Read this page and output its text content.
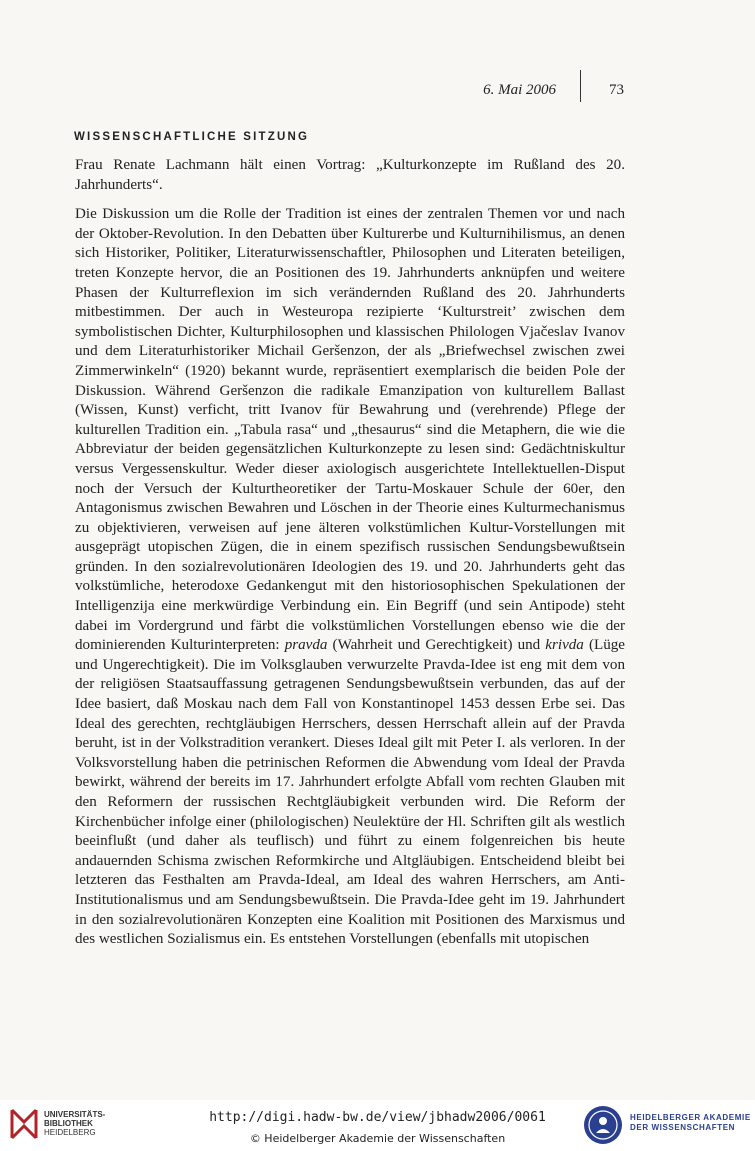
6. Mai 2006	73
WISSENSCHAFTLICHE SITZUNG

Frau Renate Lachmann hält einen Vortrag: „Kulturkonzepte im Rußland des 20. Jahrhunderts“.

Die Diskussion um die Rolle der Tradition ist eines der zentralen Themen vor und nach der Oktober-Revolution. In den Debatten über Kulturerbe und Kulturnihilismus, an denen sich Historiker, Politiker, Literaturwissenschaftler, Philosophen und Literaten beteiligen, treten Konzepte hervor, die an Positionen des 19. Jahrhunderts anknüpfen und weitere Phasen der Kulturreflexion im sich verändernden Rußland des 20. Jahrhunderts mitbestimmen. Der auch in Westeuropa rezipierte ‘Kulturstreit’ zwischen dem symbolistischen Dichter, Kulturphilosophen und klassischen Philologen Vjačeslav Ivanov und dem Literaturhistoriker Michail Geršenzon, der als „Briefwechsel zwischen zwei Zimmerwinkeln“ (1920) bekannt wurde, repräsentiert exemplarisch die beiden Pole der Diskussion. Während Geršenzon die radikale Emanzipation von kulturellem Ballast (Wissen, Kunst) verficht, tritt Ivanov für Bewahrung und (verehrende) Pflege der kulturellen Tradition ein. „Tabula rasa“ und „thesaurus“ sind die Metaphern, die wie die Abbreviatur der beiden gegensätzlichen Kulturkonzepte zu lesen sind: Gedächtniskultur versus Vergessenskultur. Weder dieser axiologisch ausgerichtete Intellektuellen-Disput noch der Versuch der Kulturtheoretiker der Tartu-Moskauer Schule der 60er, den Antagonismus zwischen Bewahren und Löschen in der Theorie eines Kulturmechanismus zu objektivieren, verweisen auf jene älteren volkstümlichen Kultur-Vorstellungen mit ausgeprägt utopischen Zügen, die in einem spezifisch russischen Sendungsbewußtsein gründen. In den sozialrevolutionären Ideologien des 19. und 20. Jahrhunderts geht das volkstümliche, heterodoxe Gedankengut mit den historiosophischen Spekulationen der Intelligenzija eine merkwürdige Verbindung ein. Ein Begriff (und sein Antipode) steht dabei im Vordergrund und färbt die volkstümlichen Vorstellungen ebenso wie die der dominierenden Kulturinterpreten: pravda (Wahrheit und Gerechtigkeit) und krivda (Lüge und Ungerechtigkeit). Die im Volksglauben verwurzelte Pravda-Idee ist eng mit dem von der religiösen Staatsauffassung getragenen Sendungsbewußtsein verbunden, das auf der Idee basiert, daß Moskau nach dem Fall von Konstantinopel 1453 dessen Erbe sei. Das Ideal des gerechten, rechtgläubigen Herrschers, dessen Herrschaft allein auf der Pravda beruht, ist in der Volkstradition verankert. Dieses Ideal gilt mit Peter I. als verloren. In der Volksvorstellung haben die petrinischen Reformen die Abwendung vom Ideal der Pravda bewirkt, während der bereits im 17. Jahrhundert erfolgte Abfall vom rechten Glauben mit den Reformern der russischen Rechtgläubigkeit verbunden wird. Die Reform der Kirchenbücher infolge einer (philologischen) Neulektüre der Hl. Schriften gilt als westlich beeinflußt (und daher als teuflisch) und führt zu einem folgenreichen bis heute andauernden Schisma zwischen Reformkirche und Altgläubigen. Entscheidend bleibt bei letzteren das Festhalten am Pravda-Ideal, am Ideal des wahren Herrschers, am Anti-Institutionalismus und am Sendungsbewußtsein. Die Pravda-Idee geht im 19. Jahrhundert in den sozialrevolutionären Konzepten eine Koalition mit Positionen des Marxismus und des westlichen Sozialismus ein. Es entstehen Vorstellungen (ebenfalls mit utopischen

UNIVERSITÄTS-
BIBLIOTHEK
HEIDELBERG
http://digi.hadw-bw.de/view/jbhadw2006/0061
© Heidelberger Akademie der Wissenschaften
HEIDELBERGER AKADEMIE
DER WISSENSCHAFTEN
